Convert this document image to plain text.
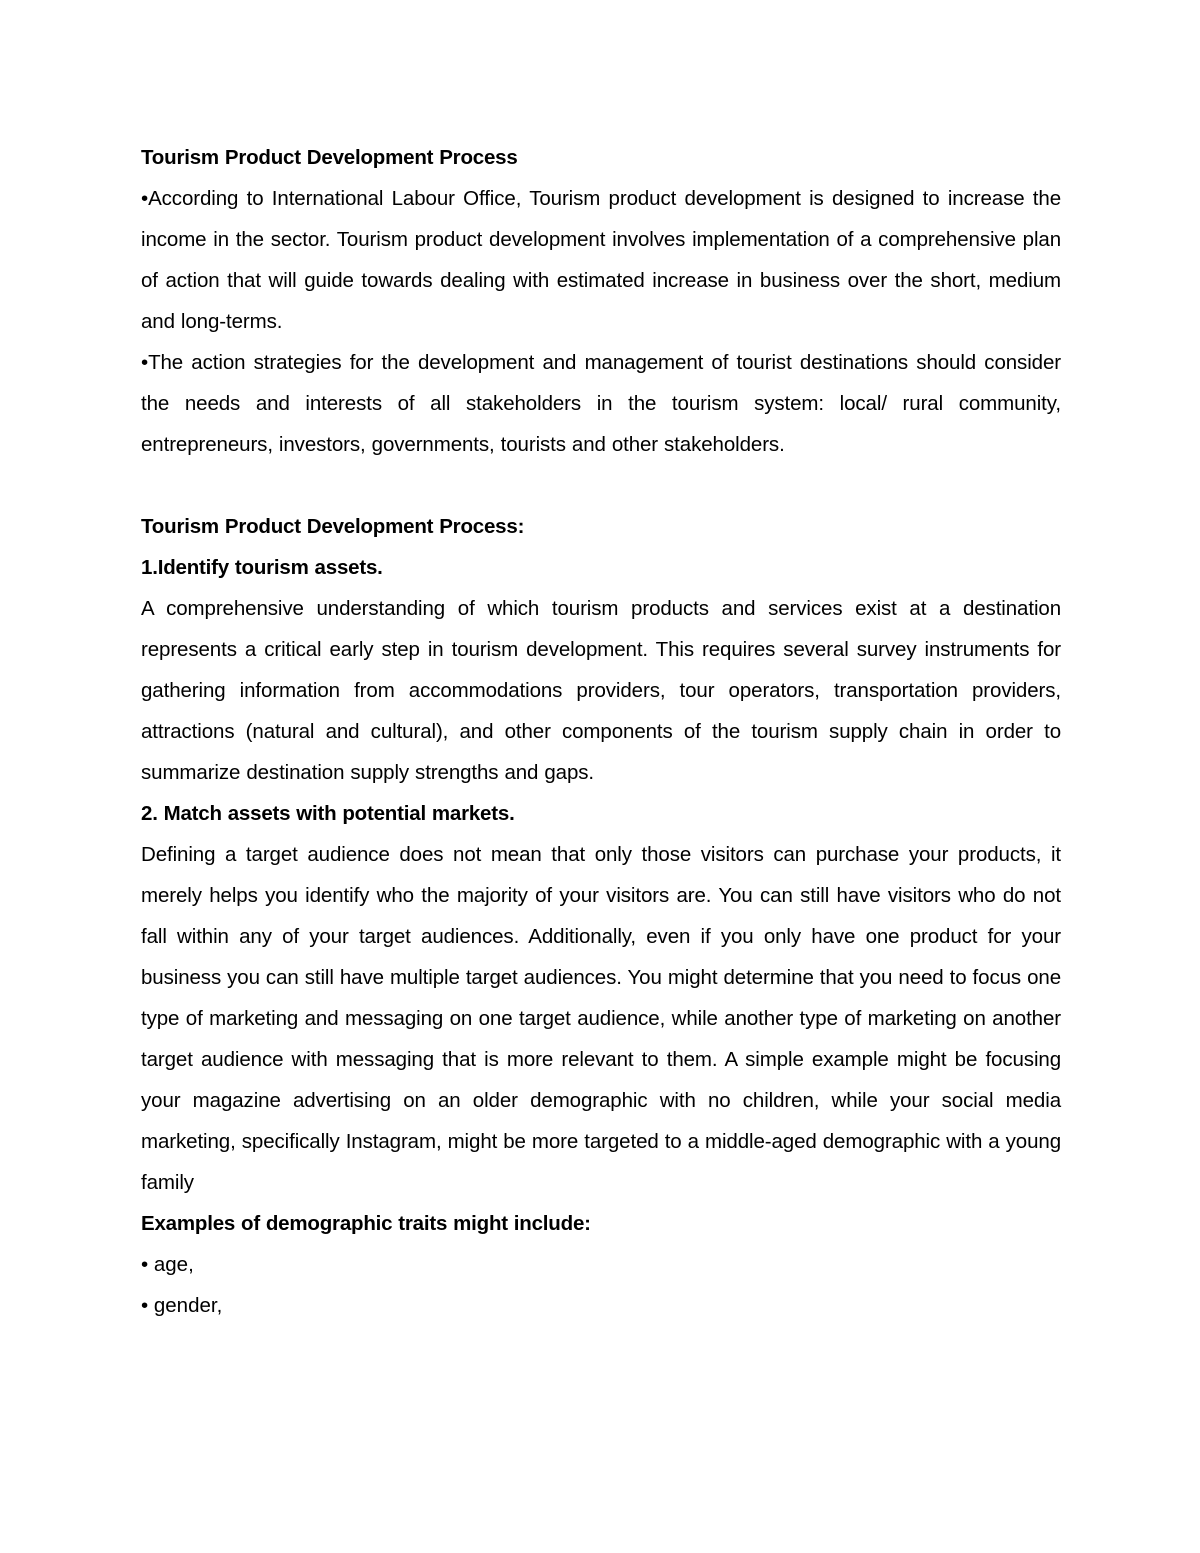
Tourism Product Development Process

•According to International Labour Office, Tourism product development is designed to increase the income in the sector. Tourism product development involves implementation of a comprehensive plan of action that will guide towards dealing with estimated increase in business over the short, medium and long-terms.

•The action strategies for the development and management of tourist destinations should consider the needs and interests of all stakeholders in the tourism system: local/ rural community, entrepreneurs, investors, governments, tourists and other stakeholders.

Tourism Product Development Process:

1.Identify tourism assets.

A comprehensive understanding of which tourism products and services exist at a destination represents a critical early step in tourism development. This requires several survey instruments for gathering information from accommodations providers, tour operators, transportation providers, attractions (natural and cultural), and other components of the tourism supply chain in order to summarize destination supply strengths and gaps.

2. Match assets with potential markets.

Defining a target audience does not mean that only those visitors can purchase your products, it merely helps you identify who the majority of your visitors are. You can still have visitors who do not fall within any of your target audiences. Additionally, even if you only have one product for your business you can still have multiple target audiences. You might determine that you need to focus one type of marketing and messaging on one target audience, while another type of marketing on another target audience with messaging that is more relevant to them. A simple example might be focusing your magazine advertising on an older demographic with no children, while your social media marketing, specifically Instagram, might be more targeted to a middle-aged demographic with a young family

Examples of demographic traits might include:

• age,

• gender,
